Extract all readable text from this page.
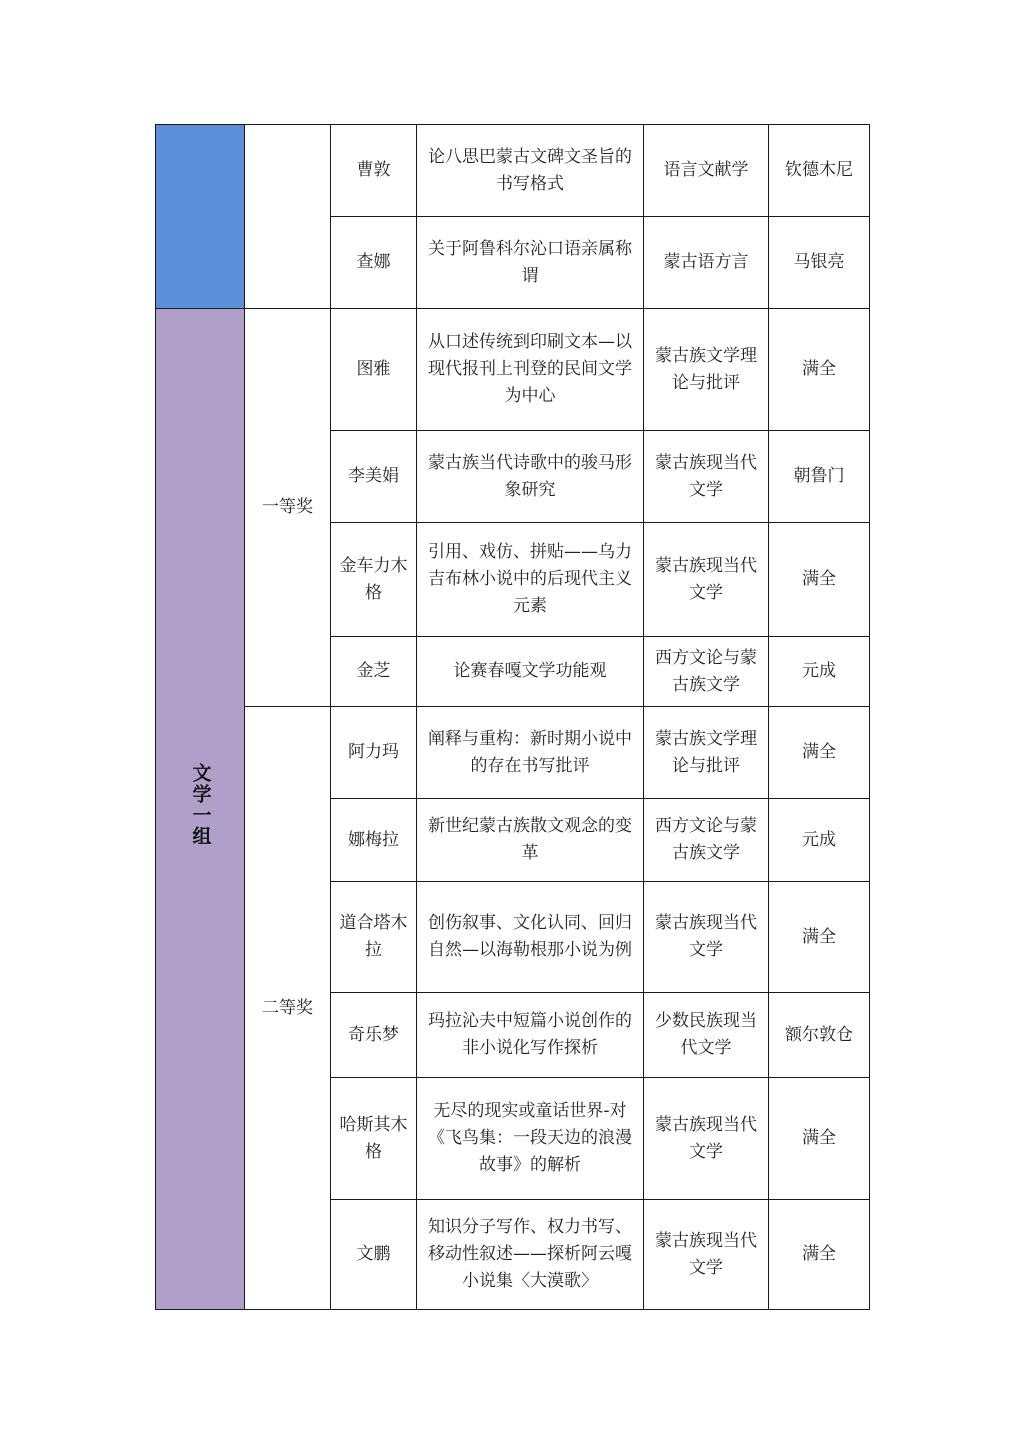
		曹敦	论八思巴蒙古文碑文圣旨的书写格式	语言文献学	钦德木尼
		查娜	关于阿鲁科尔沁口语亲属称谓	蒙古语方言	马银亮
文学一组	一等奖	图雅	从口述传统到印刷文本—以现代报刊上刊登的民间文学为中心	蒙古族文学理论与批评	满全
		李美娟	蒙古族当代诗歌中的骏马形象研究	蒙古族现当代文学	朝鲁门
		金车力木格	引用、戏仿、拼贴——乌力吉布林小说中的后现代主义元素	蒙古族现当代文学	满全
		金芝	论赛春嘎文学功能观	西方文论与蒙古族文学	元成
	二等奖	阿力玛	阐释与重构：新时期小说中的存在书写批评	蒙古族文学理论与批评	满全
		娜梅拉	新世纪蒙古族散文观念的变革	西方文论与蒙古族文学	元成
		道合塔木拉	创伤叙事、文化认同、回归自然—以海勒根那小说为例	蒙古族现当代文学	满全
		奇乐梦	玛拉沁夫中短篇小说创作的非小说化写作探析	少数民族现当代文学	额尔敦仓
		哈斯其木格	无尽的现实或童话世界-对《飞鸟集：一段天边的浪漫故事》的解析	蒙古族现当代文学	满全
		文鹏	知识分子写作、权力书写、移动性叙述——探析阿云嘎小说集〈大漠歌〉	蒙古族现当代文学	满全
